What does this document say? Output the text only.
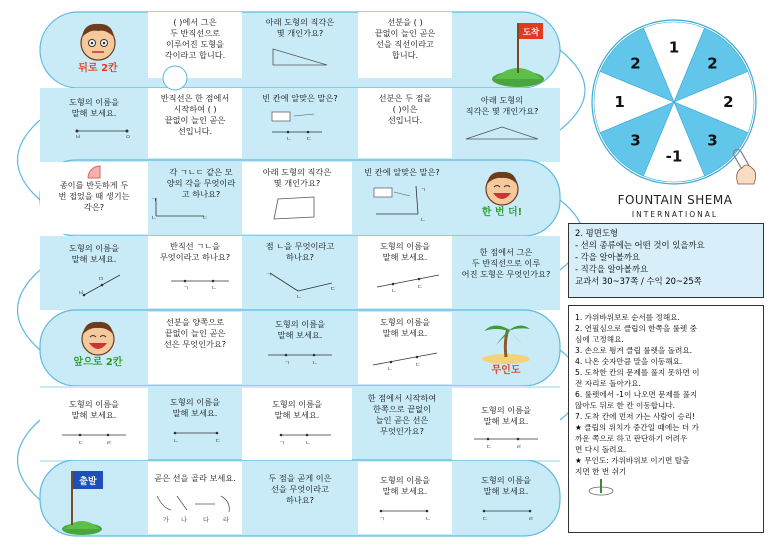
뒤로 2칸
( )에서 그은
두 반직선으로
이루어진 도형을
각이라고 합니다.
아래 도형의 직각은
몇 개인가요?
선분을 ( )
끝없이 늘인 곧은
선을 직선이라고
합니다.
도착
도형의 이름을
말해 보세요.
ㅂ	ㅇ
반직선은 한 점에서
시작하여 ( )
끝없이 늘인 곧은
선입니다.
빈 칸에 알맞은 말은?
ㄴ ㄷ
선분은 두 점을
( )이은
선입니다.
아래 도형의
직각은 몇 개인가요?
종이를 반듯하게 두
번 접었을 때 생기는
각은?
각 ㄱㄴㄷ 같은 모
양의 각을 무엇이라
고 하나요?
ㄱ
ㄴ	ㄷ
아래 도형의 직각은
몇 개인가요?
빈 칸에 알맞은 말은?
ㄱ
ㄴ
한 번 더!
도형의 이름을
말해 보세요.
ㅂ
ㅁ
반직선 ㄱㄴ을
무엇이라고 하나요?
ㄱ	ㄴ
점 ㄴ을 무엇이라고
하나요?
ㄱ
ㄴ
ㄷ
도형의 이름을
말해 보세요.
ㄴ
ㄷ
한 점에서 그은
두 반직선으로 이루
어진 도형은 무엇인가요?
앞으로 2칸
선분을 양쪽으로
끝없이 늘인 곧은
선은 무엇인가요?
도형의 이름을
말해 보세요.
ㄱ	ㄴ
도형의 이름을
말해 보세요.
ㄴ
ㄷ	무인도
도형의 이름을
말해 보세요.
ㄷ	ㄹ
도형의 이름을
말해 보세요.
ㄴ	ㄷ
도형의 이름을
말해 보세요.
ㄱ	ㄴ
한 점에서 시작하여
한쪽으로 끝없이
늘인 곧은 선은
무엇인가요?
도형의 이름을
말해 보세요.
ㄷ	ㄹ
출발	곧은 선을 골라 보세요.
가 나	다 라
두 점을 곧게 이은
선을 무엇이라고
하나요?
도형의 이름을
말해 보세요.
ㄱ	ㄴ
도형의 이름을
말해 보세요.
ㄷ	ㄹ
1
2
2
3
-1
3
1
2
FOUNTAIN SHEMA
INTERNATIONAL
2. 평면도형
- 선의 종류에는 어떤 것이 있을까요
- 각을 알아볼까요
- 직각을 알아볼까요
교과서 30~37쪽 / 수익 20~25쪽
1. 가위바위보로 순서를 정해요.
2. 연필심으로 클립의 한쪽을 룰렛 중
심에 고정해요.
3. 손으로 튕겨 클립 룰렛을 돌려요.
4. 나온 숫자만큼 말을 이동해요.
5. 도착한 칸의 문제를 풀지 못하면 이
전 자리로 돌아가요.
6. 룰렛에서 -1이 나오면 문제를 풀지
않아도 뒤로 한 칸 이동합니다.
7. 도착 칸에 먼저 가는 사람이 승리!
★ 클립의 위치가 중간일 때에는 더 가
까운 쪽으로 하고 판단하기 어려우
면 다시 돌려요.
★ 무인도: 가위바위보 이기면 탈출
지면 한 번 쉬기
